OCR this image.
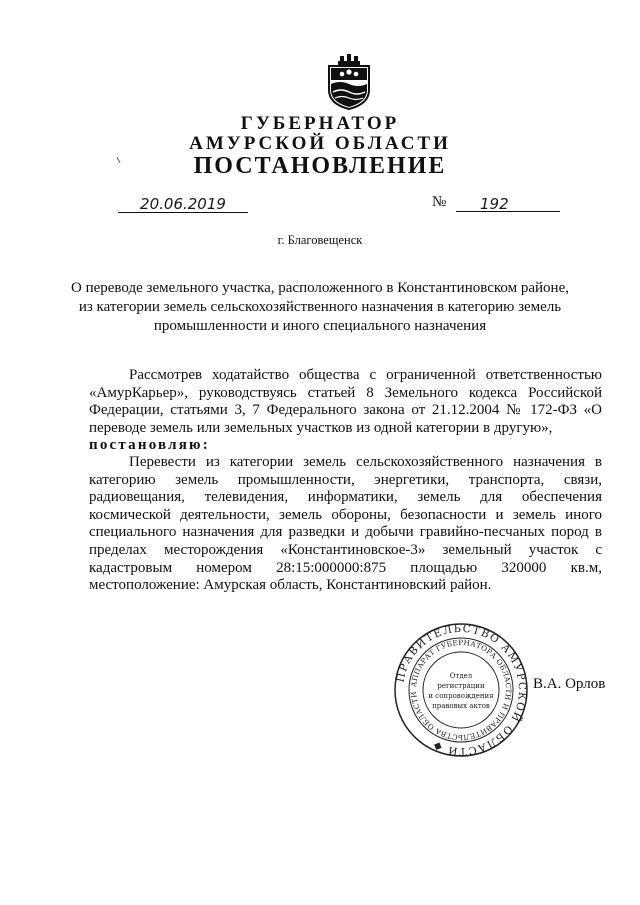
ГУБЕРНАТОР
АМУРСКОЙ ОБЛАСТИ
ПОСТАНОВЛЕНИЕ
20.06.2019	№	192
г. Благовещенск
О переводе земельного участка, расположенного в Константиновском районе,
из категории земель сельскохозяйственного назначения в категорию земель
промышленности и иного специального назначения
Рассмотрев ходатайство общества с ограниченной ответственностью
«АмурКарьер», руководствуясь статьей 8 Земельного кодекса Российской
Федерации, статьями 3, 7 Федерального закона от 21.12.2004 № 172-ФЗ «О
переводе земель или земельных участков из одной категории в другую»,
постановляю:
Перевести из категории земель сельскохозяйственного назначения в
категорию земель промышленности, энергетики, транспорта, связи,
радиовещания, телевидения, информатики, земель для обеспечения
космической деятельности, земель обороны, безопасности и земель иного
специального назначения для разведки и добычи гравийно-песчаных пород в
пределах месторождения «Константиновское-3» земельный участок с
кадастровым номером 28:15:000000:875 площадью 320000 кв.м,
местоположение: Амурская область, Константиновский район.
ПРАВИТЕЛЬСТВО АМУРСКОЙ ОБЛАСТИ ◆
АППАРАТ ГУБЕРНАТОРА ОБЛАСТИ И ПРАВИТЕЛЬСТВА ОБЛАСТИ
Отдел
регистрации
и сопровождения
правовых актов
В.А. Орлов
